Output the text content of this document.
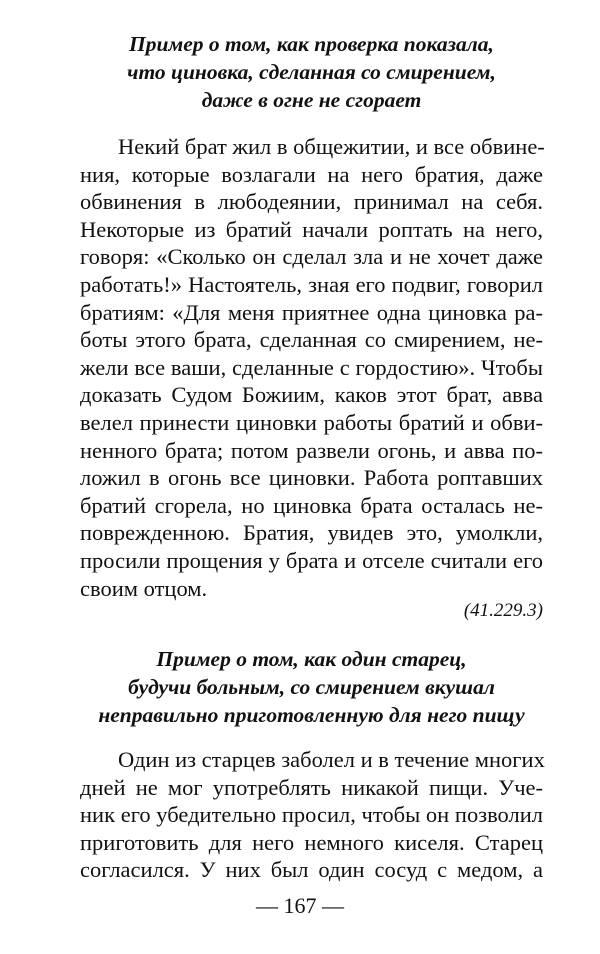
Пример о том, как проверка показала,
что циновка, сделанная со смирением,
даже в огне не сгорает
Некий брат жил в общежитии, и все обвине-
ния, которые возлагали на него братия, даже
обвинения в любодеянии, принимал на себя.
Некоторые из братий начали роптать на него,
говоря: «Сколько он сделал зла и не хочет даже
работать!» Настоятель, зная его подвиг, говорил
братиям: «Для меня приятнее одна циновка ра-
боты этого брата, сделанная со смирением, не-
жели все ваши, сделанные с гордостию». Чтобы
доказать Судом Божиим, каков этот брат, авва
велел принести циновки работы братий и обви-
ненного брата; потом развели огонь, и авва по-
ложил в огонь все циновки. Работа роптавших
братий сгорела, но циновка брата осталась не-
поврежденною. Братия, увидев это, умолкли,
просили прощения у брата и отселе считали его
своим отцом.
(41.229.3)
Пример о том, как один старец,
будучи больным, со смирением вкушал
неправильно приготовленную для него пищу
Один из старцев заболел и в течение многих
дней не мог употреблять никакой пищи. Уче-
ник его убедительно просил, чтобы он позволил
приготовить для него немного киселя. Старец
согласился. У них был один сосуд с медом, а
— 167 —
